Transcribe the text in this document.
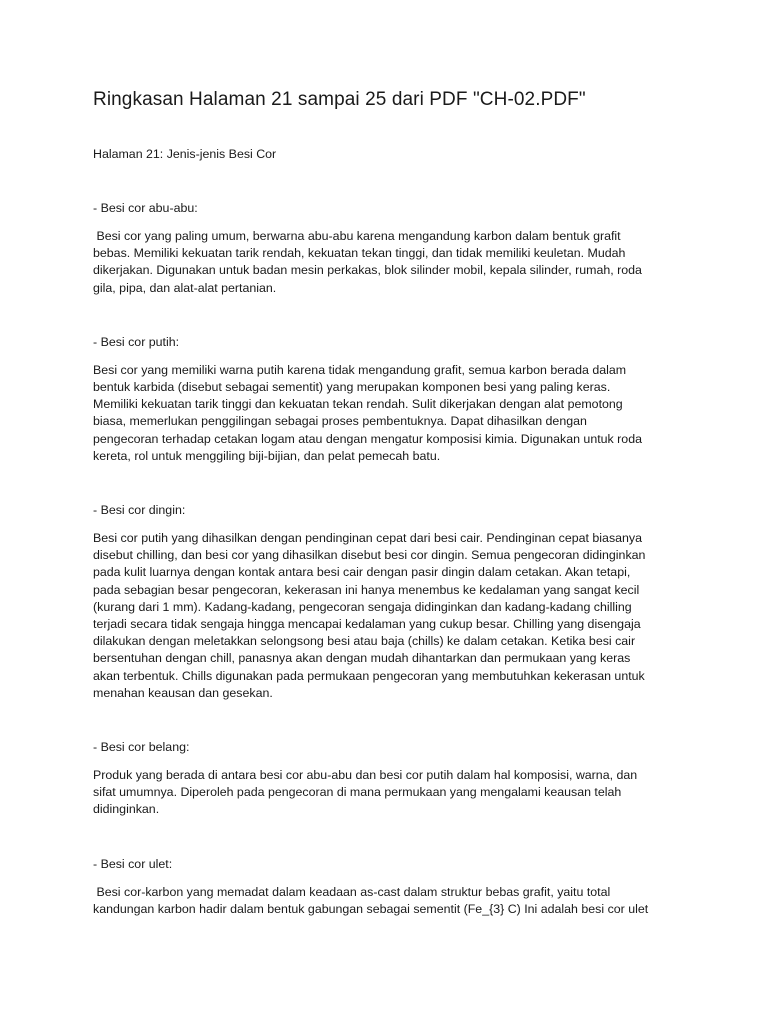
Ringkasan Halaman 21 sampai 25 dari PDF "CH-02.PDF"
Halaman 21: Jenis-jenis Besi Cor
- Besi cor abu-abu:
Besi cor yang paling umum, berwarna abu-abu karena mengandung karbon dalam bentuk grafit
bebas. Memiliki kekuatan tarik rendah, kekuatan tekan tinggi, dan tidak memiliki keuletan. Mudah
dikerjakan. Digunakan untuk badan mesin perkakas, blok silinder mobil, kepala silinder, rumah, roda
gila, pipa, dan alat-alat pertanian.
- Besi cor putih:
Besi cor yang memiliki warna putih karena tidak mengandung grafit, semua karbon berada dalam
bentuk karbida (disebut sebagai sementit) yang merupakan komponen besi yang paling keras.
Memiliki kekuatan tarik tinggi dan kekuatan tekan rendah. Sulit dikerjakan dengan alat pemotong
biasa, memerlukan penggilingan sebagai proses pembentuknya. Dapat dihasilkan dengan
pengecoran terhadap cetakan logam atau dengan mengatur komposisi kimia. Digunakan untuk roda
kereta, rol untuk menggiling biji-bijian, dan pelat pemecah batu.
- Besi cor dingin:
Besi cor putih yang dihasilkan dengan pendinginan cepat dari besi cair. Pendinginan cepat biasanya
disebut chilling, dan besi cor yang dihasilkan disebut besi cor dingin. Semua pengecoran didinginkan
pada kulit luarnya dengan kontak antara besi cair dengan pasir dingin dalam cetakan. Akan tetapi,
pada sebagian besar pengecoran, kekerasan ini hanya menembus ke kedalaman yang sangat kecil
(kurang dari 1 mm). Kadang-kadang, pengecoran sengaja didinginkan dan kadang-kadang chilling
terjadi secara tidak sengaja hingga mencapai kedalaman yang cukup besar. Chilling yang disengaja
dilakukan dengan meletakkan selongsong besi atau baja (chills) ke dalam cetakan. Ketika besi cair
bersentuhan dengan chill, panasnya akan dengan mudah dihantarkan dan permukaan yang keras
akan terbentuk. Chills digunakan pada permukaan pengecoran yang membutuhkan kekerasan untuk
menahan keausan dan gesekan.
- Besi cor belang:
Produk yang berada di antara besi cor abu-abu dan besi cor putih dalam hal komposisi, warna, dan
sifat umumnya. Diperoleh pada pengecoran di mana permukaan yang mengalami keausan telah
didinginkan.
- Besi cor ulet:
Besi cor-karbon yang memadat dalam keadaan as-cast dalam struktur bebas grafit, yaitu total
kandungan karbon hadir dalam bentuk gabungan sebagai sementit (Fe_{3} C) Ini adalah besi cor ulet
